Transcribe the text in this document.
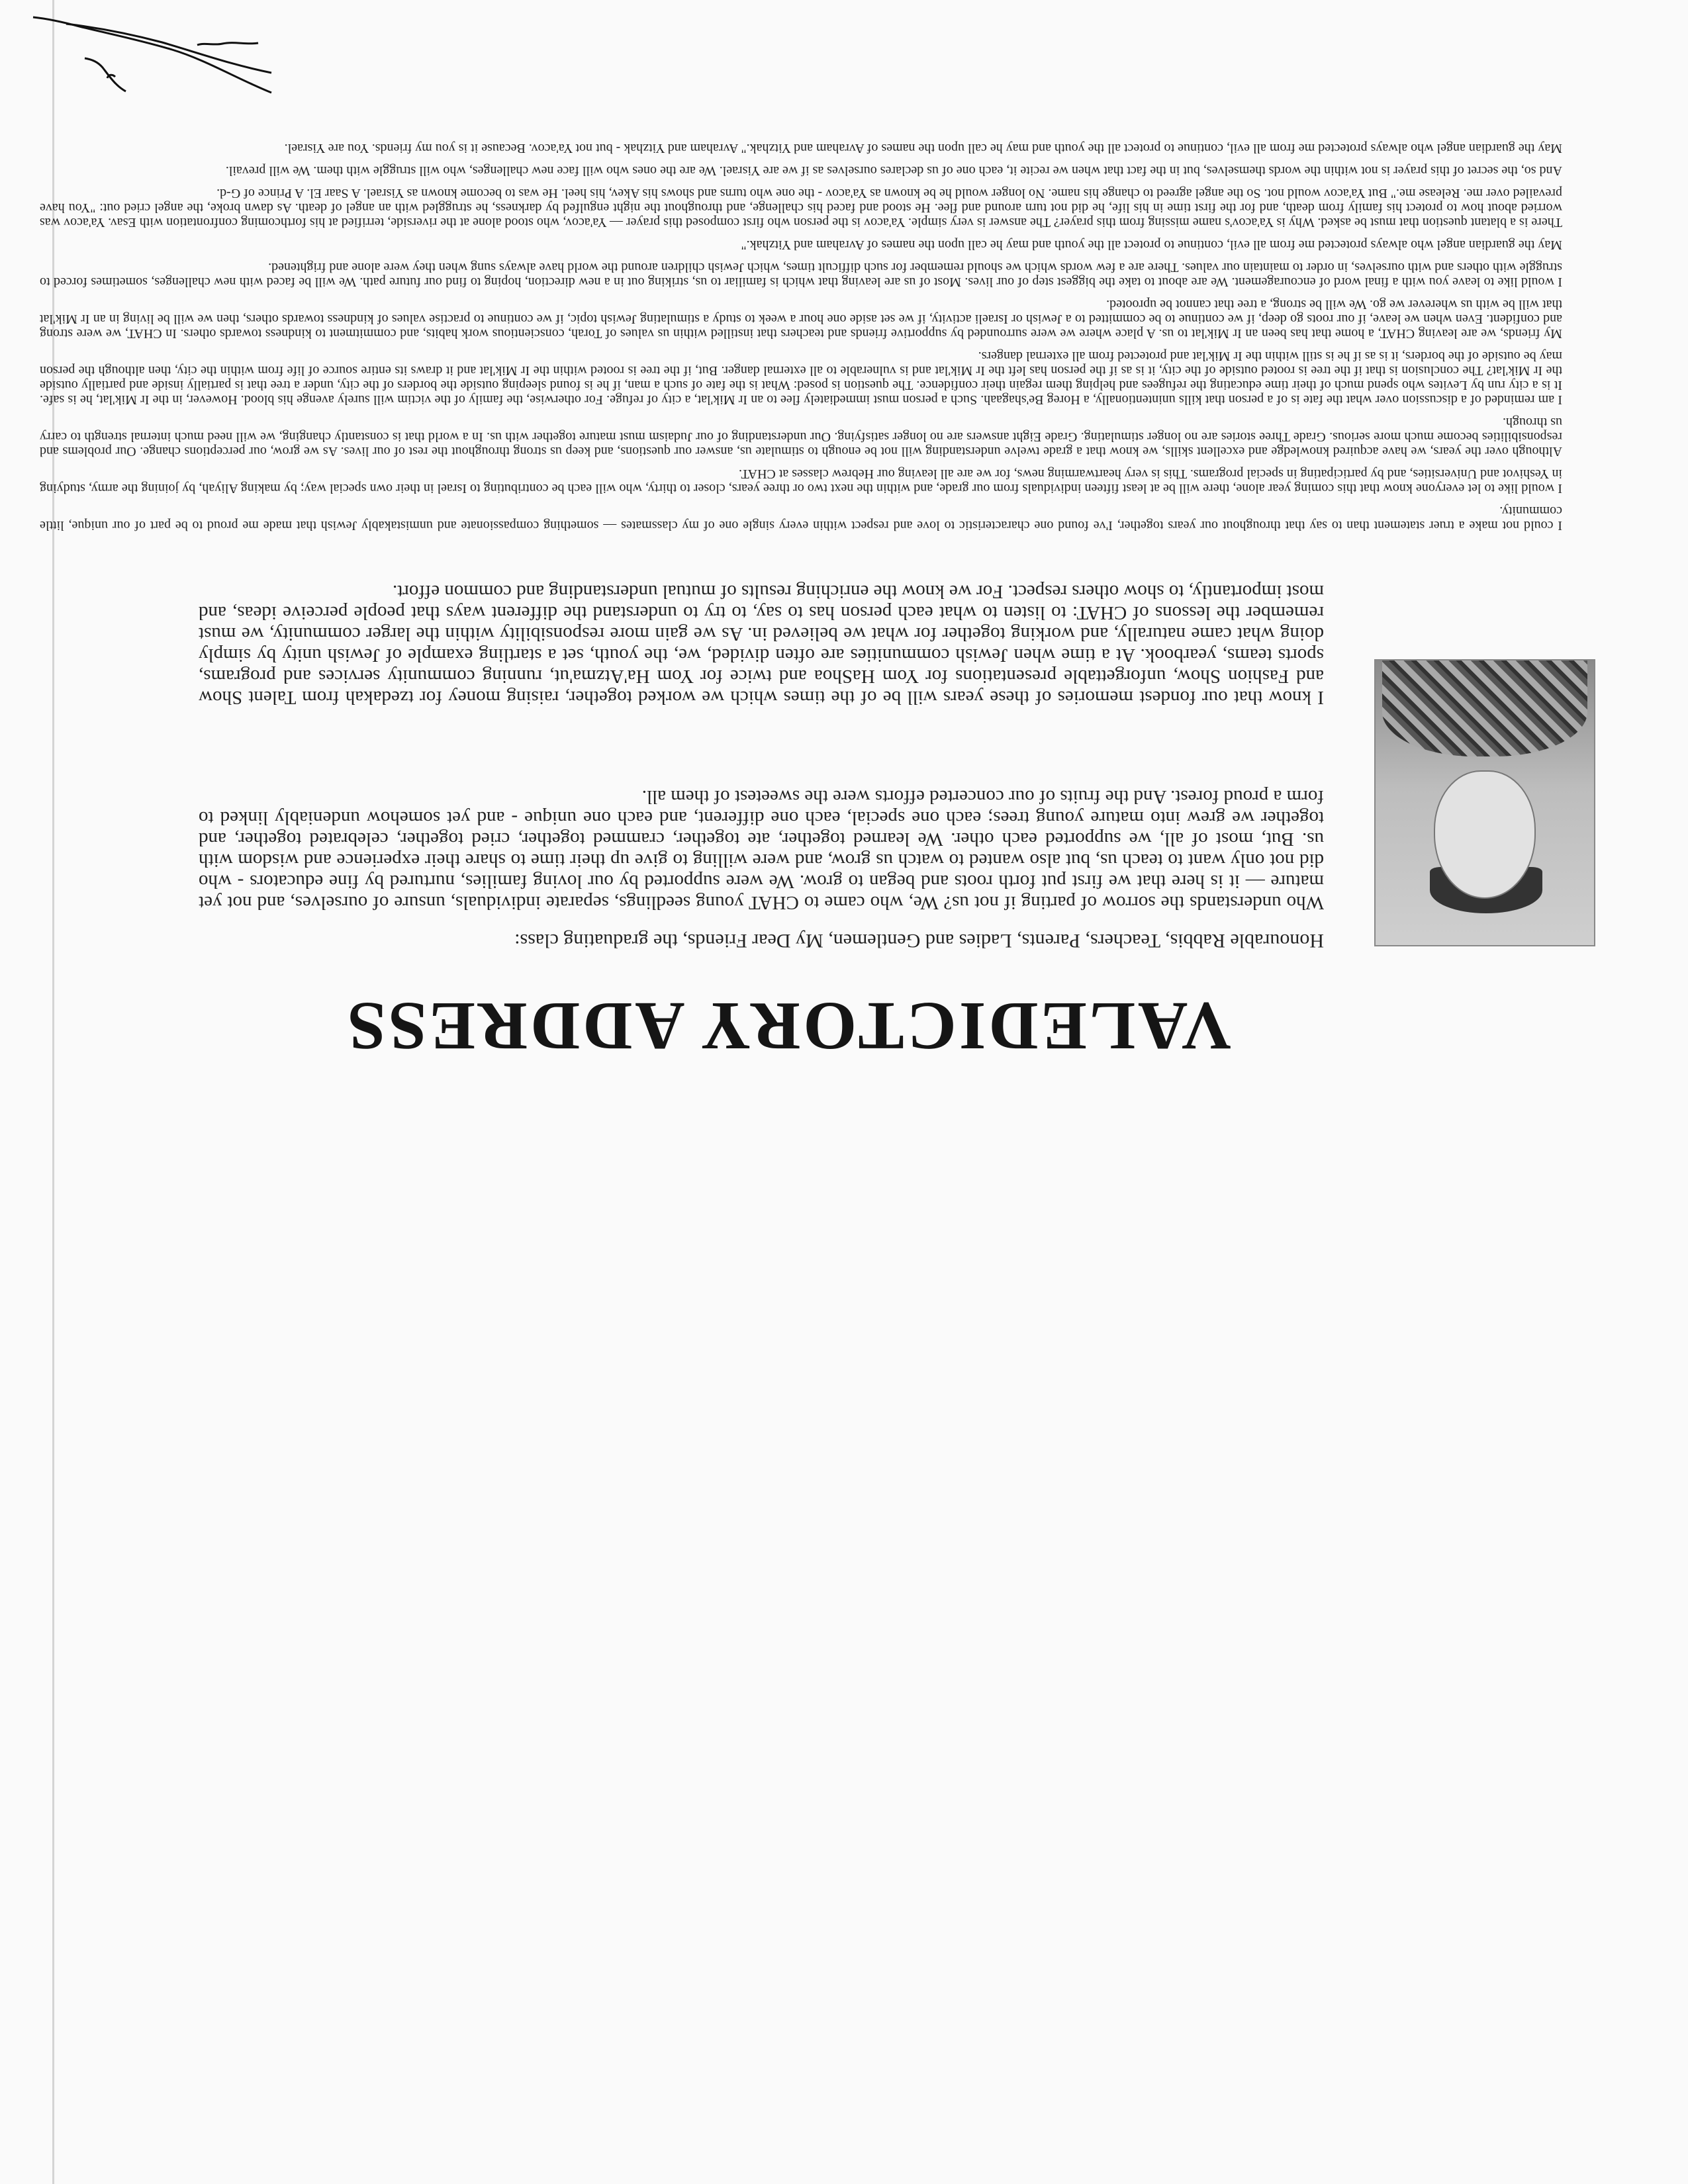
VALEDICTORY ADDRESS
Honourable Rabbis, Teachers, Parents, Ladies and Gentlemen, My Dear Friends, the graduating class:

Who understands the sorrow of parting if not us? We, who came to CHAT young seedlings, separate individuals, unsure of ourselves, and not yet mature — it is here that we first put forth roots and began to grow. We were supported by our loving families, nurtured by fine educators - who did not only want to teach us, but also wanted to watch us grow, and were willing to give up their time to share their experience and wisdom with us. But, most of all, we supported each other. We learned together, ate together, crammed together, cried together, celebrated together, and together we grew into mature young trees; each one special, each one different, and each one unique - and yet somehow undeniably linked to form a proud forest. And the fruits of our concerted efforts were the sweetest of them all.

I know that our fondest memories of these years will be of the times which we worked together, raising money for tzedakah from Talent Show and Fashion Show, unforgettable presentations for Yom HaShoa and twice for Yom Ha'Atzma'ut, running community services and programs, sports teams, yearbook. At a time when Jewish communities are often divided, we, the youth, set a startling example of Jewish unity by simply doing what came naturally, and working together for what we believed in. As we gain more responsibility within the larger community, we must remember the lessons of CHAT: to listen to what each person has to say, to try to understand the different ways that people perceive ideas, and most importantly, to show others respect. For we know the enriching results of mutual understanding and common effort.

I could not make a truer statement than to say that throughout our years together, I've found one characteristic to love and respect within every single one of my classmates — something compassionate and unmistakably Jewish that made me proud to be part of our unique, little community.

I would like to let everyone know that this coming year alone, there will be at least fifteen individuals from our grade, and within the next two or three years, closer to thirty, who will each be contributing to Israel in their own special way; by making Aliyah, by joining the army, studying in Yeshivot and Universities, and by participating in special programs. This is very heartwarming news, for we are all leaving our Hebrew classes at CHAT.

Although over the years, we have acquired knowledge and excellent skills, we know that a grade twelve understanding will not be enough to stimulate us, answer our questions, and keep us strong throughout the rest of our lives. As we grow, our perceptions change. Our problems and responsibilities become much more serious. Grade Three stories are no longer stimulating. Grade Eight answers are no longer satisfying. Our understanding of our Judaism must mature together with us. In a world that is constantly changing, we will need much internal strength to carry us through.

I am reminded of a discussion over what the fate is of a person that kills unintentionally, a Horeg Be'shagaah. Such a person must immediately flee to an Ir Mik'lat, a city of refuge. For otherwise, the family of the victim will surely avenge his blood. However, in the Ir Mik'lat, he is safe. It is a city run by Levites who spend much of their time educating the refugees and helping them regain their confidence. The question is posed: What is the fate of such a man, if he is found sleeping outside the borders of the city, under a tree that is partially inside and partially outside the Ir Mik'lat? The conclusion is that if the tree is rooted outside of the city, it is as if the person has left the Ir Mik'lat and is vulnerable to all external danger. But, if the tree is rooted within the Ir Mik'lat and it draws its entire source of life from within the city, then although the person may be outside of the borders, it is as if he is still within the Ir Mik'lat and protected from all external dangers.

My friends, we are leaving CHAT, a home that has been an Ir Mik'lat to us. A place where we were surrounded by supportive friends and teachers that instilled within us values of Torah, conscientious work habits, and commitment to kindness towards others. In CHAT, we were strong and confident. Even when we leave, if our roots go deep, if we continue to be committed to a Jewish or Israeli activity, if we set aside one hour a week to study a stimulating Jewish topic, if we continue to practise values of kindness towards others, then we will be living in an Ir Mik'lat that will be with us wherever we go. We will be strong, a tree that cannot be uprooted.

I would like to leave you with a final word of encouragement. We are about to take the biggest step of our lives. Most of us are leaving that which is familiar to us, striking out in a new direction, hoping to find our future path. We will be faced with new challenges, sometimes forced to struggle with others and with ourselves, in order to maintain our values. There are a few words which we should remember for such difficult times, which Jewish children around the world have always sung when they were alone and frightened.

May the guardian angel who always protected me from all evil, continue to protect all the youth and may he call upon the names of Avraham and Yitzhak."

There is a blatant question that must be asked. Why is Ya'acov's name missing from this prayer? The answer is very simple. Ya'acov is the person who first composed this prayer — Ya'acov, who stood alone at the riverside, terrified at his forthcoming confrontation with Esav. Ya'acov was worried about how to protect his family from death, and for the first time in his life, he did not turn around and flee. He stood and faced his challenge, and throughout the night engulfed by darkness, he struggled with an angel of death. As dawn broke, the angel cried out: "You have prevailed over me. Release me." But Ya'acov would not. So the angel agreed to change his name. No longer would he be known as Ya'acov - the one who turns and shows his Akev, his heel. He was to become known as Yisrael. A Saar El. A Prince of G-d.

And so, the secret of this prayer is not within the words themselves, but in the fact that when we recite it, each one of us declares ourselves as if we are Yisrael. We are the ones who will face new challenges, who will struggle with them. We will prevail.

May the guardian angel who always protected me from all evil, continue to protect all the youth and may he call upon the names of Avraham and Yitzhak." Avraham and Yitzhak - but not Ya'acov. Because it is you my friends. You are Yisrael.
